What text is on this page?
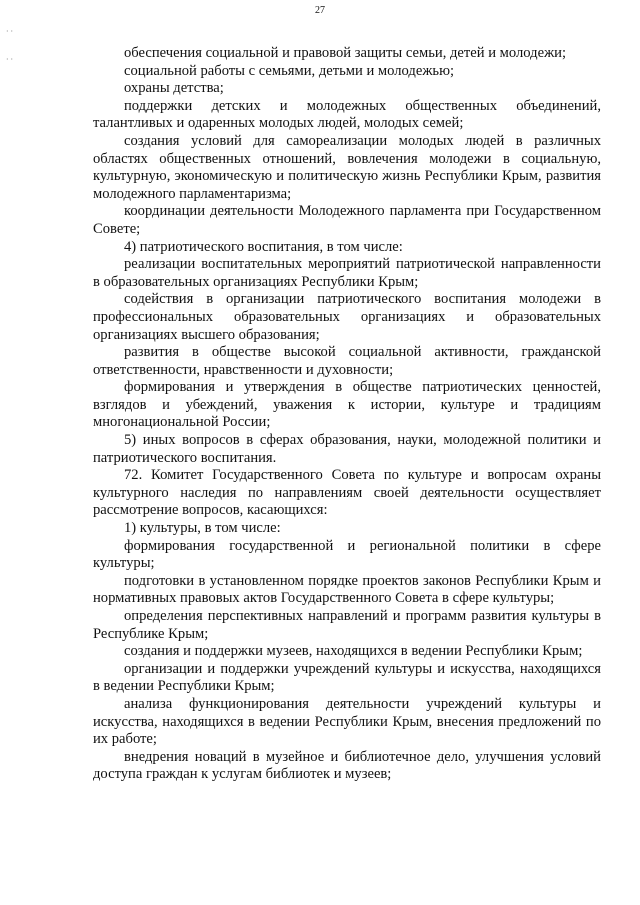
27
⋅ ⋅
⋅ ⋅	обеспечения социальной и правовой защиты семьи, детей и молодежи;

социальной работы с семьями, детьми и молодежью;

охраны детства;

поддержки детских и молодежных общественных объединений, талантливых и одаренных молодых людей, молодых семей;

создания условий для самореализации молодых людей в различных областях общественных отношений, вовлечения молодежи в социальную, культурную, экономическую и политическую жизнь Республики Крым, развития молодежного парламентаризма;

координации деятельности Молодежного парламента при Государственном Совете;

4) патриотического воспитания, в том числе:

реализации воспитательных мероприятий патриотической направленности в образовательных организациях Республики Крым;

содействия в организации патриотического воспитания молодежи в профессиональных образовательных организациях и образовательных организациях высшего образования;

развития в обществе высокой социальной активности, гражданской ответственности, нравственности и духовности;

формирования и утверждения в обществе патриотических ценностей, взглядов и убеждений, уважения к истории, культуре и традициям многонациональной России;

5) иных вопросов в сферах образования, науки, молодежной политики и патриотического воспитания.

72. Комитет Государственного Совета по культуре и вопросам охраны культурного наследия по направлениям своей деятельности осуществляет рассмотрение вопросов, касающихся:

1) культуры, в том числе:

формирования государственной и региональной политики в сфере культуры;

подготовки в установленном порядке проектов законов Республики Крым и нормативных правовых актов Государственного Совета в сфере культуры;

определения перспективных направлений и программ развития культуры в Республике Крым;

создания и поддержки музеев, находящихся в ведении Республики Крым;

организации и поддержки учреждений культуры и искусства, находящихся в ведении Республики Крым;

анализа функционирования деятельности учреждений культуры и искусства, находящихся в ведении Республики Крым, внесения предложений по их работе;

внедрения новаций в музейное и библиотечное дело, улучшения условий доступа граждан к услугам библиотек и музеев;
